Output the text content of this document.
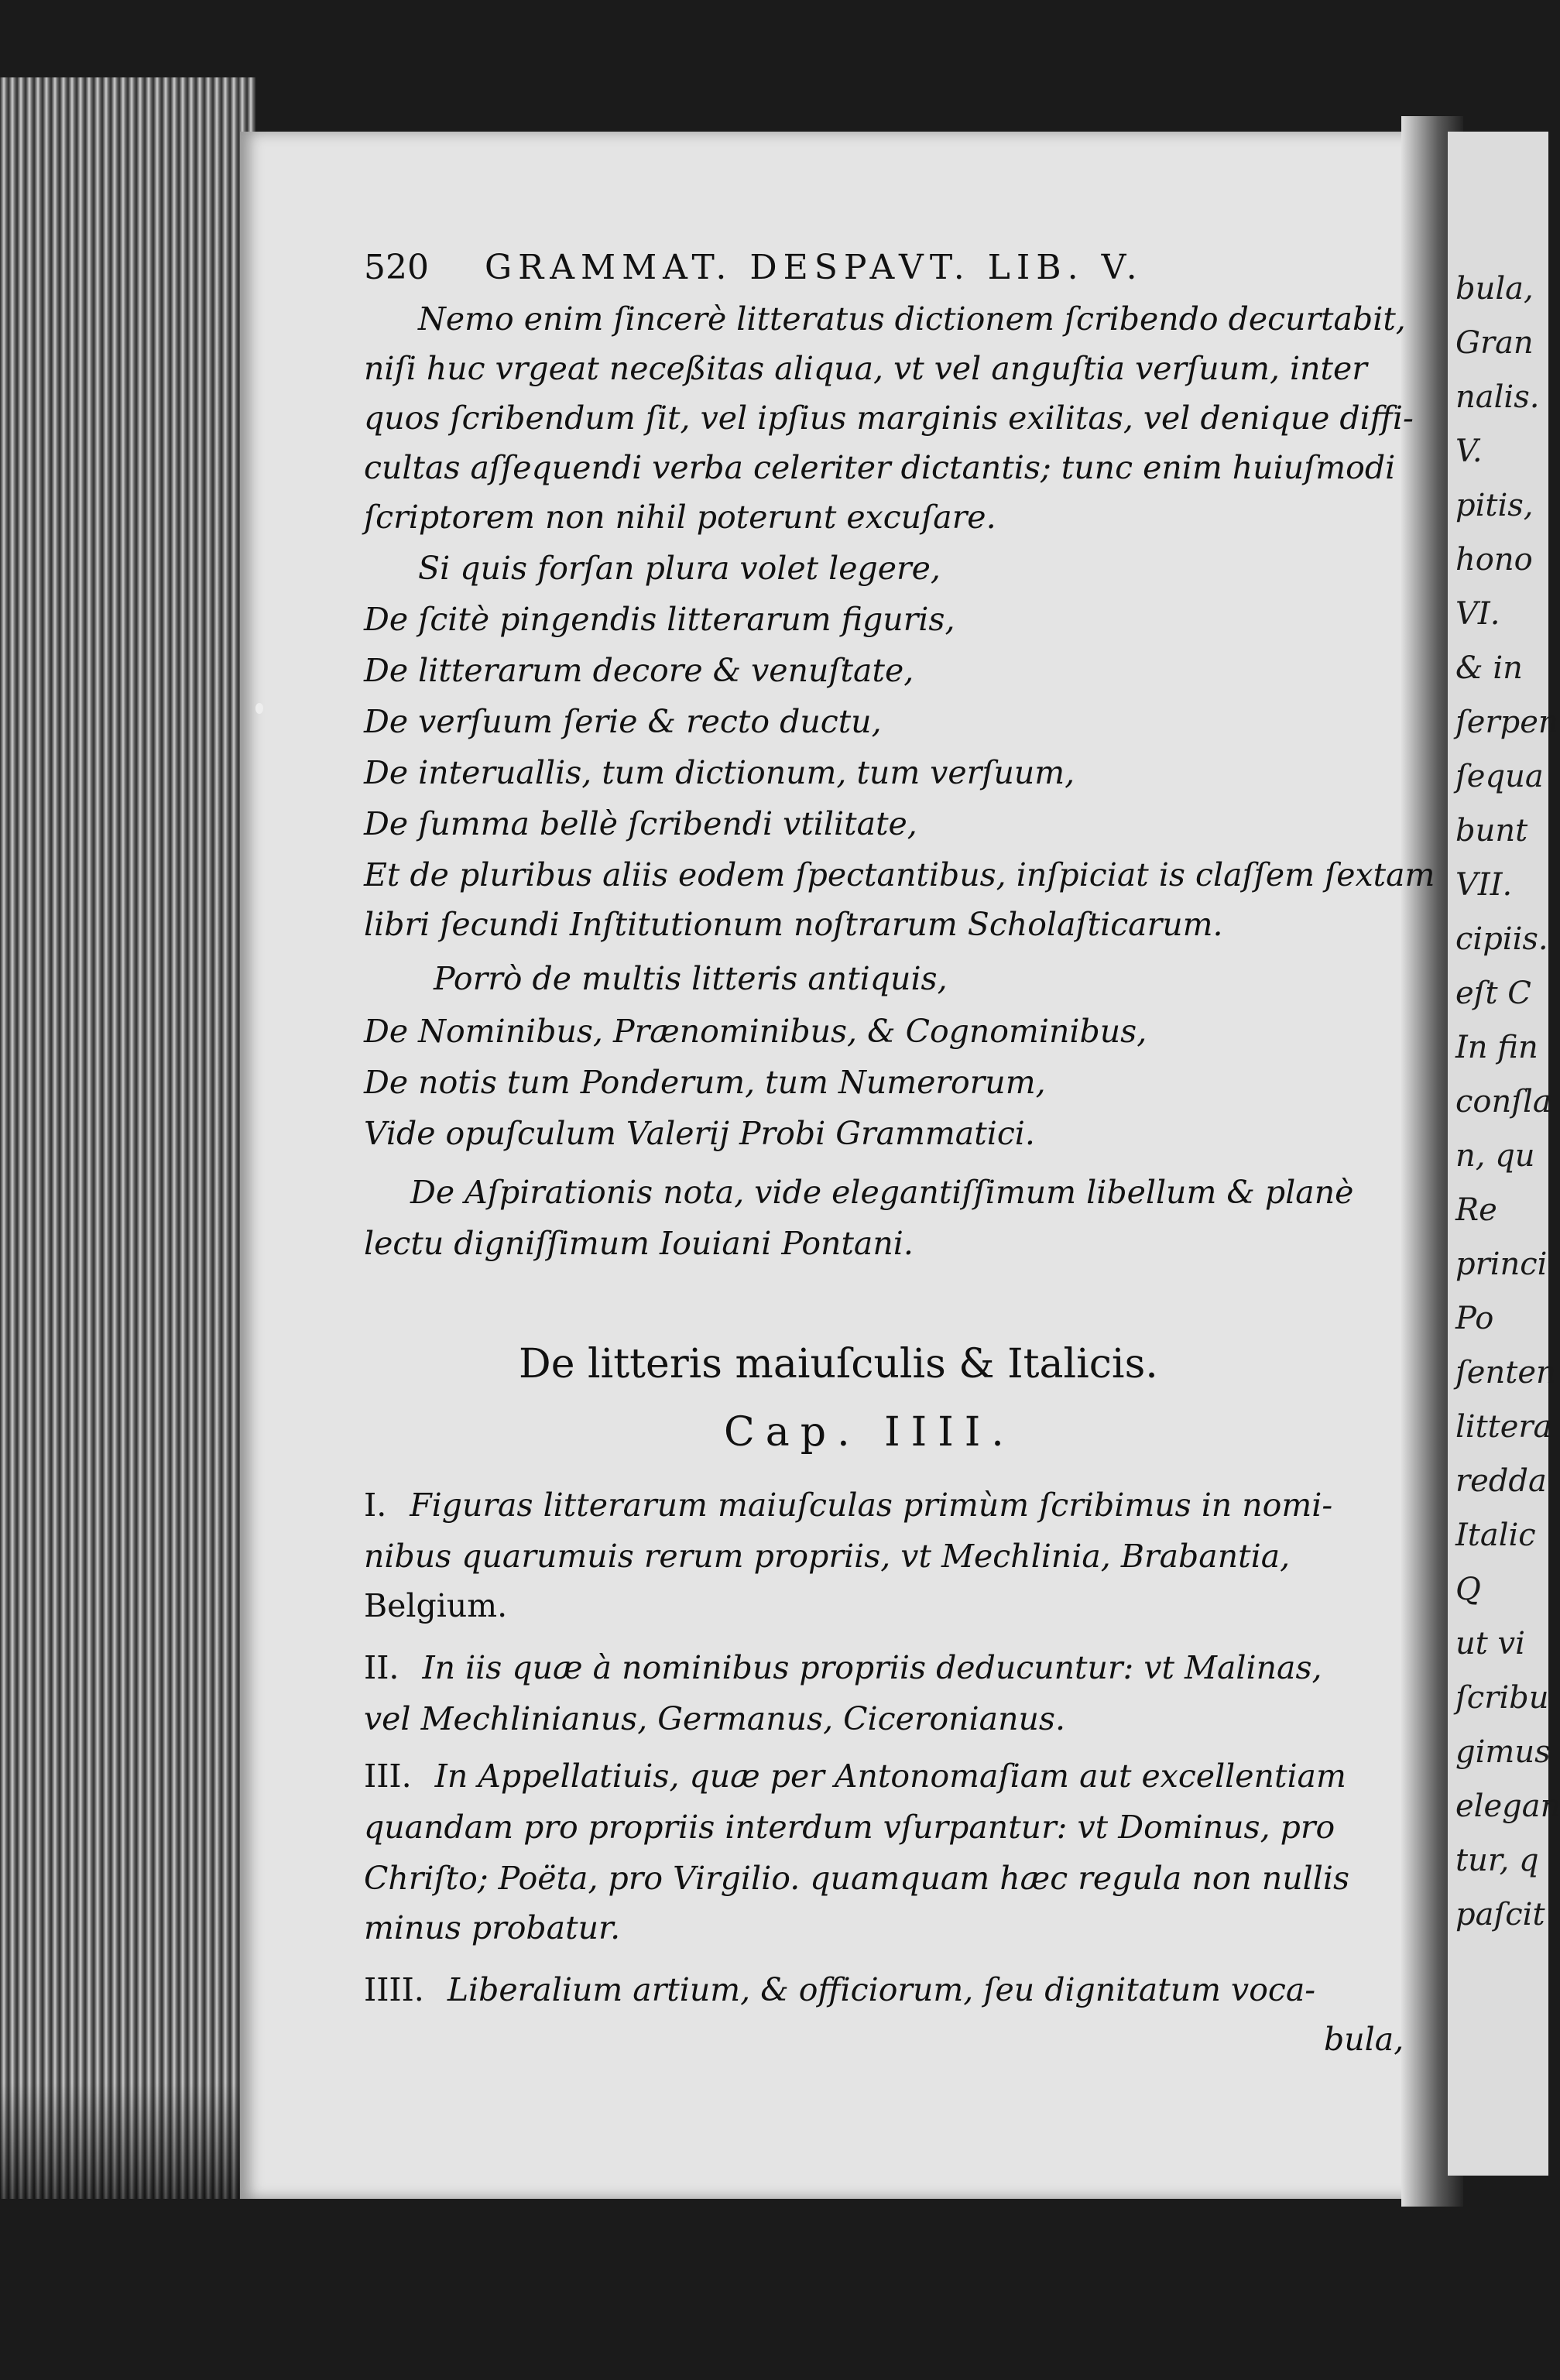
bula,
Gran
nalis.
V.
pitis,
hono
VI.
& in
ſerpen
ſequa
bunt
VII.
cipiis.
eſt C
In fin
conſla
n, qu
Re
princi
Po
ſenten
littera
redda
Italic
Q
ut vi
ſcribu
gimus
elegan
tur, q
paſcit
520 GRAMMAT. DESPAVT. LIB. V.
Nemo enim ſincerè litteratus dictionem ſcribendo decurtabit,
niſi huc vrgeat neceßitas aliqua, vt vel anguſtia verſuum, inter
quos ſcribendum ſit, vel ipſius marginis exilitas, vel denique diffi-
cultas aſſequendi verba celeriter dictantis; tunc enim huiuſmodi
ſcriptorem non nihil poterunt excuſare.
Si quis forſan plura volet legere,
De ſcitè pingendis litterarum figuris,
De litterarum decore & venuſtate,
De verſuum ſerie & recto ductu,
De interuallis, tum dictionum, tum verſuum,
De ſumma bellè ſcribendi vtilitate,
Et de pluribus aliis eodem ſpectantibus, inſpiciat is claſſem ſextam
libri ſecundi Inſtitutionum noſtrarum Scholaſticarum.
Porrò de multis litteris antiquis,
De Nominibus, Prænominibus, & Cognominibus,
De notis tum Ponderum, tum Numerorum,
Vide opuſculum Valerij Probi Grammatici.
De Aſpirationis nota, vide elegantiſſimum libellum & planè
lectu digniſſimum Iouiani Pontani.
De litteris maiuſculis & Italicis.
Cap. IIII.
I. Figuras litterarum maiuſculas primùm ſcribimus in nomi-
nibus quarumuis rerum propriis, vt Mechlinia, Brabantia,
Belgium.
II. In iis quæ à nominibus propriis deducuntur: vt Malinas,
vel Mechlinianus, Germanus, Ciceronianus.
III. In Appellatiuis, quæ per Antonomaſiam aut excellentiam
quandam pro propriis interdum vſurpantur: vt Dominus, pro
Chriſto; Poëta, pro Virgilio. quamquam hæc regula non nullis
minus probatur.
IIII. Liberalium artium, & officiorum, ſeu dignitatum voca-
bula,
